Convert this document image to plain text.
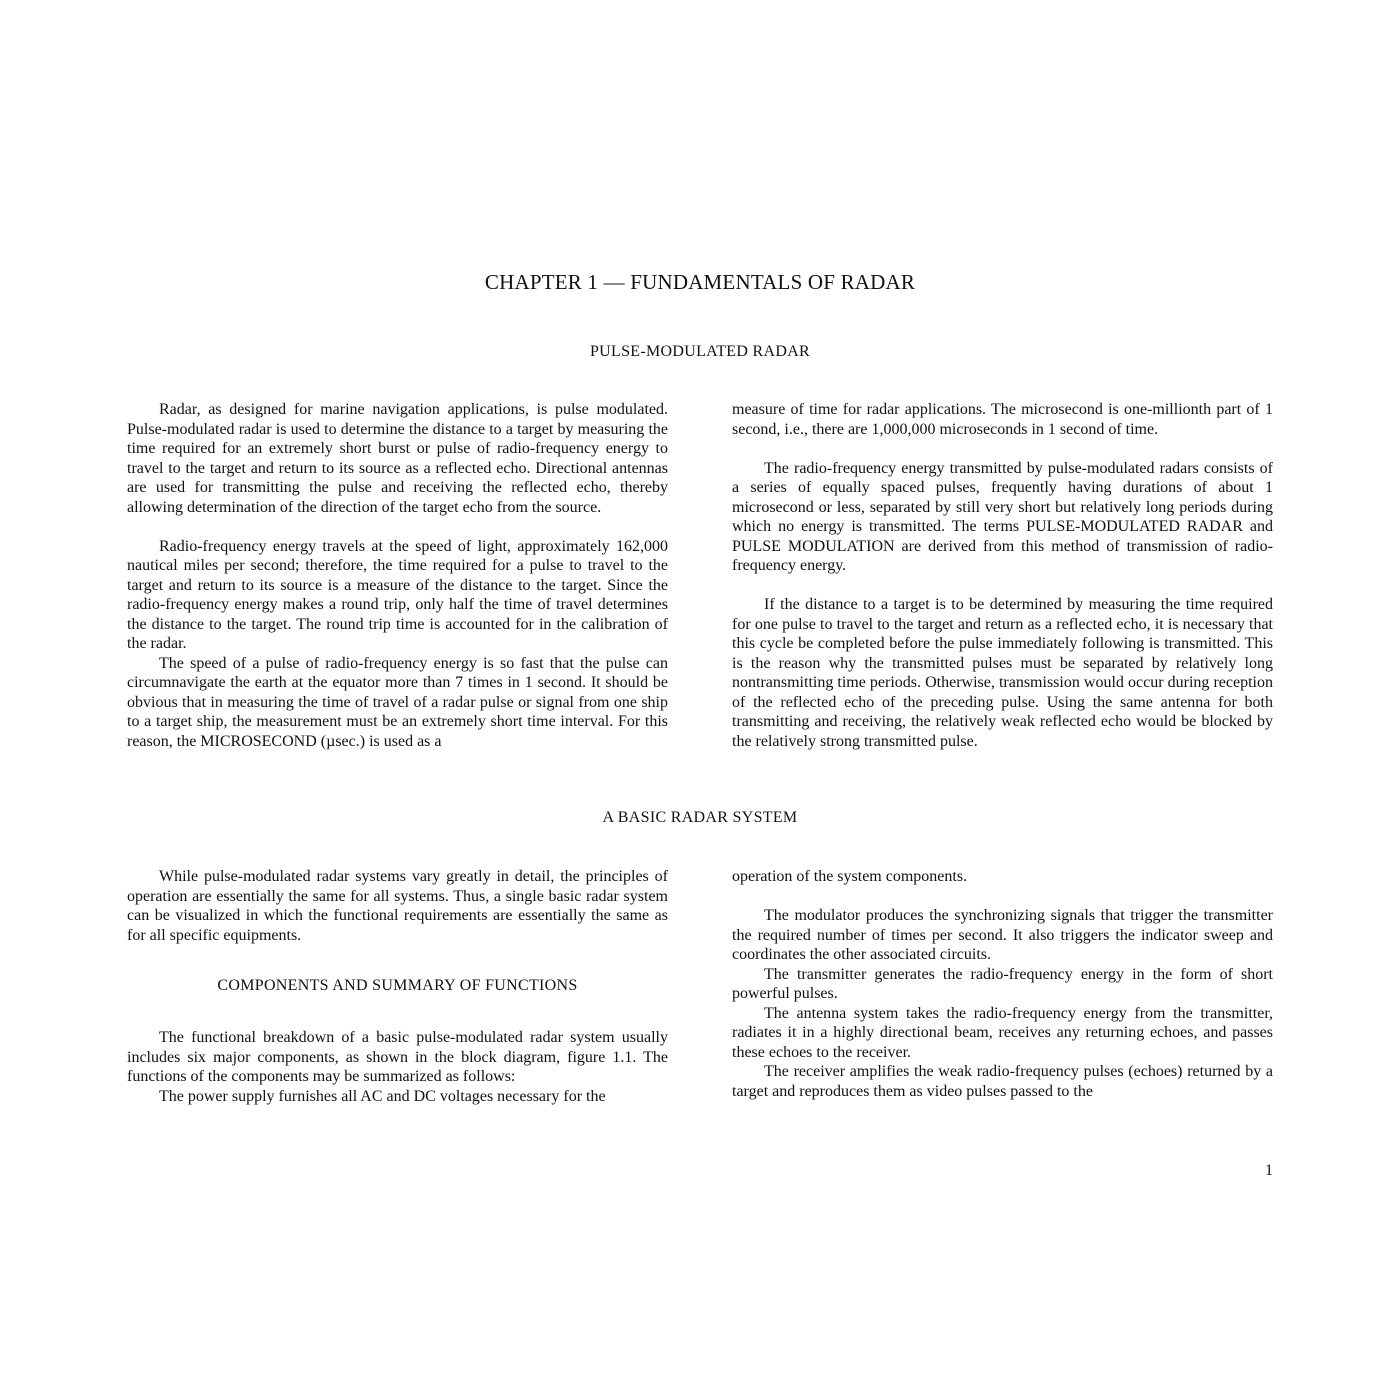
CHAPTER 1 — FUNDAMENTALS OF RADAR
PULSE-MODULATED RADAR

Radar, as designed for marine navigation applications, is pulse modulated. Pulse-modulated radar is used to determine the distance to a target by measuring the time required for an extremely short burst or pulse of radio-frequency energy to travel to the target and return to its source as a reflected echo. Directional antennas are used for transmitting the pulse and receiving the reflected echo, thereby allowing determination of the direction of the target echo from the source.

Radio-frequency energy travels at the speed of light, approximately 162,000 nautical miles per second; therefore, the time required for a pulse to travel to the target and return to its source is a measure of the distance to the target. Since the radio-frequency energy makes a round trip, only half the time of travel determines the distance to the target. The round trip time is accounted for in the calibration of the radar.

The speed of a pulse of radio-frequency energy is so fast that the pulse can circumnavigate the earth at the equator more than 7 times in 1 second. It should be obvious that in measuring the time of travel of a radar pulse or signal from one ship to a target ship, the measurement must be an extremely short time interval. For this reason, the MICROSECOND (µsec.) is used as a

measure of time for radar applications. The microsecond is one-millionth part of 1 second, i.e., there are 1,000,000 microseconds in 1 second of time.

The radio-frequency energy transmitted by pulse-modulated radars consists of a series of equally spaced pulses, frequently having durations of about 1 microsecond or less, separated by still very short but relatively long periods during which no energy is transmitted. The terms PULSE-MODULATED RADAR and PULSE MODULATION are derived from this method of transmission of radio-frequency energy.

If the distance to a target is to be determined by measuring the time required for one pulse to travel to the target and return as a reflected echo, it is necessary that this cycle be completed before the pulse immediately following is transmitted. This is the reason why the transmitted pulses must be separated by relatively long nontransmitting time periods. Otherwise, transmission would occur during reception of the reflected echo of the preceding pulse. Using the same antenna for both transmitting and receiving, the relatively weak reflected echo would be blocked by the relatively strong transmitted pulse.

A BASIC RADAR SYSTEM

While pulse-modulated radar systems vary greatly in detail, the principles of operation are essentially the same for all systems. Thus, a single basic radar system can be visualized in which the functional requirements are essentially the same as for all specific equipments.

COMPONENTS AND SUMMARY OF FUNCTIONS

The functional breakdown of a basic pulse-modulated radar system usually includes six major components, as shown in the block diagram, figure 1.1. The functions of the components may be summarized as follows:

The power supply furnishes all AC and DC voltages necessary for the

operation of the system components.

The modulator produces the synchronizing signals that trigger the transmitter the required number of times per second. It also triggers the indicator sweep and coordinates the other associated circuits.

The transmitter generates the radio-frequency energy in the form of short powerful pulses.

The antenna system takes the radio-frequency energy from the transmitter, radiates it in a highly directional beam, receives any returning echoes, and passes these echoes to the receiver.

The receiver amplifies the weak radio-frequency pulses (echoes) returned by a target and reproduces them as video pulses passed to the

1
